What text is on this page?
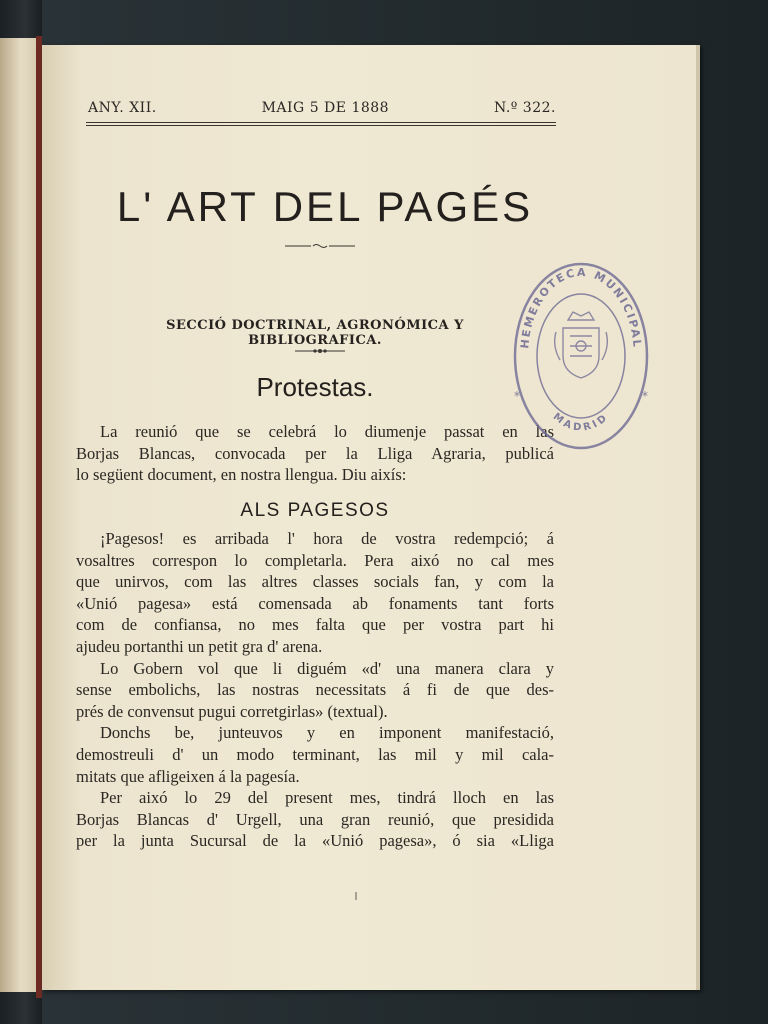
ANY. XII.	MAIG 5 DE 1888	N.º 322.
L' ART DEL PAGÉS
SECCIÓ DOCTRINAL, AGRONÓMICA Y BIBLIOGRAFICA.
Protestas.
La reunió que se celebrá lo diumenje passat en las
Borjas Blancas, convocada per la Lliga Agraria, publicá
lo següent document, en nostra llengua. Diu aixís:
ALS PAGESOS
¡Pagesos! es arribada l' hora de vostra redempció; á
vosaltres correspon lo completarla. Pera aixó no cal mes
que unirvos, com las altres classes socials fan, y com la
«Unió pagesa» está comensada ab fonaments tant forts
com de confiansa, no mes falta que per vostra part hi
ajudeu portanthi un petit gra d' arena.
Lo Gobern vol que li diguém «d' una manera clara y
sense embolichs, las nostras necessitats á fi de que des-
prés de convensut pugui corretgirlas» (textual).
Donchs be, junteuvos y en imponent manifestació,
demostreuli d' un modo terminant, las mil y mil cala-
mitats que afligeixen á la pagesía.
Per aixó lo 29 del present mes, tindrá lloch en las
Borjas Blancas d' Urgell, una gran reunió, que presidida
per la junta Sucursal de la «Unió pagesa», ó sia «Lliga
HEMEROTECA MUNICIPAL
MADRID
*
*
